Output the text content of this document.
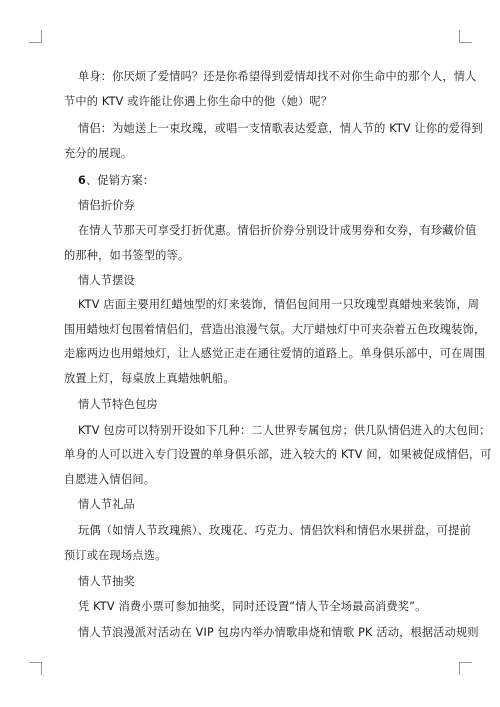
单身：你厌烦了爱情吗？还是你希望得到爱情却找不对你生命中的那个人，情人
节中的 KTV 或许能让你遇上你生命中的他（她）呢？
情侣：为她送上一束玫瑰，或唱一支情歌表达爱意，情人节的 KTV 让你的爱得到
充分的展现。
6、促销方案：
情侣折价券
在情人节那天可享受打折优惠。情侣折价券分别设计成男券和女券，有珍藏价值
的那种，如书签型的等。
情人节摆设
KTV 店面主要用红蜡烛型的灯来装饰，情侣包间用一只玫瑰型真蜡烛来装饰，周
围用蜡烛灯包围着情侣们，营造出浪漫气氛。大厅蜡烛灯中可夹杂着五色玫瑰装饰，
走廊两边也用蜡烛灯，让人感觉正走在通往爱情的道路上。单身俱乐部中，可在周围
放置上灯，每桌放上真蜡烛帆船。
情人节特色包房
KTV 包房可以特别开设如下几种：二人世界专属包房；供几队情侣进入的大包间；
单身的人可以进入专门设置的单身俱乐部，进入较大的 KTV 间，如果被促成情侣，可
自愿进入情侣间。
情人节礼品
玩偶（如情人节玫瑰熊）、玫瑰花、巧克力、情侣饮料和情侣水果拼盘，可提前
预订或在现场点选。
情人节抽奖
凭 KTV 消费小票可参加抽奖，同时还设置“情人节全场最高消费奖”。
情人节浪漫派对活动在 VIP 包房内举办情歌串烧和情歌 PK 活动，根据活动规则
